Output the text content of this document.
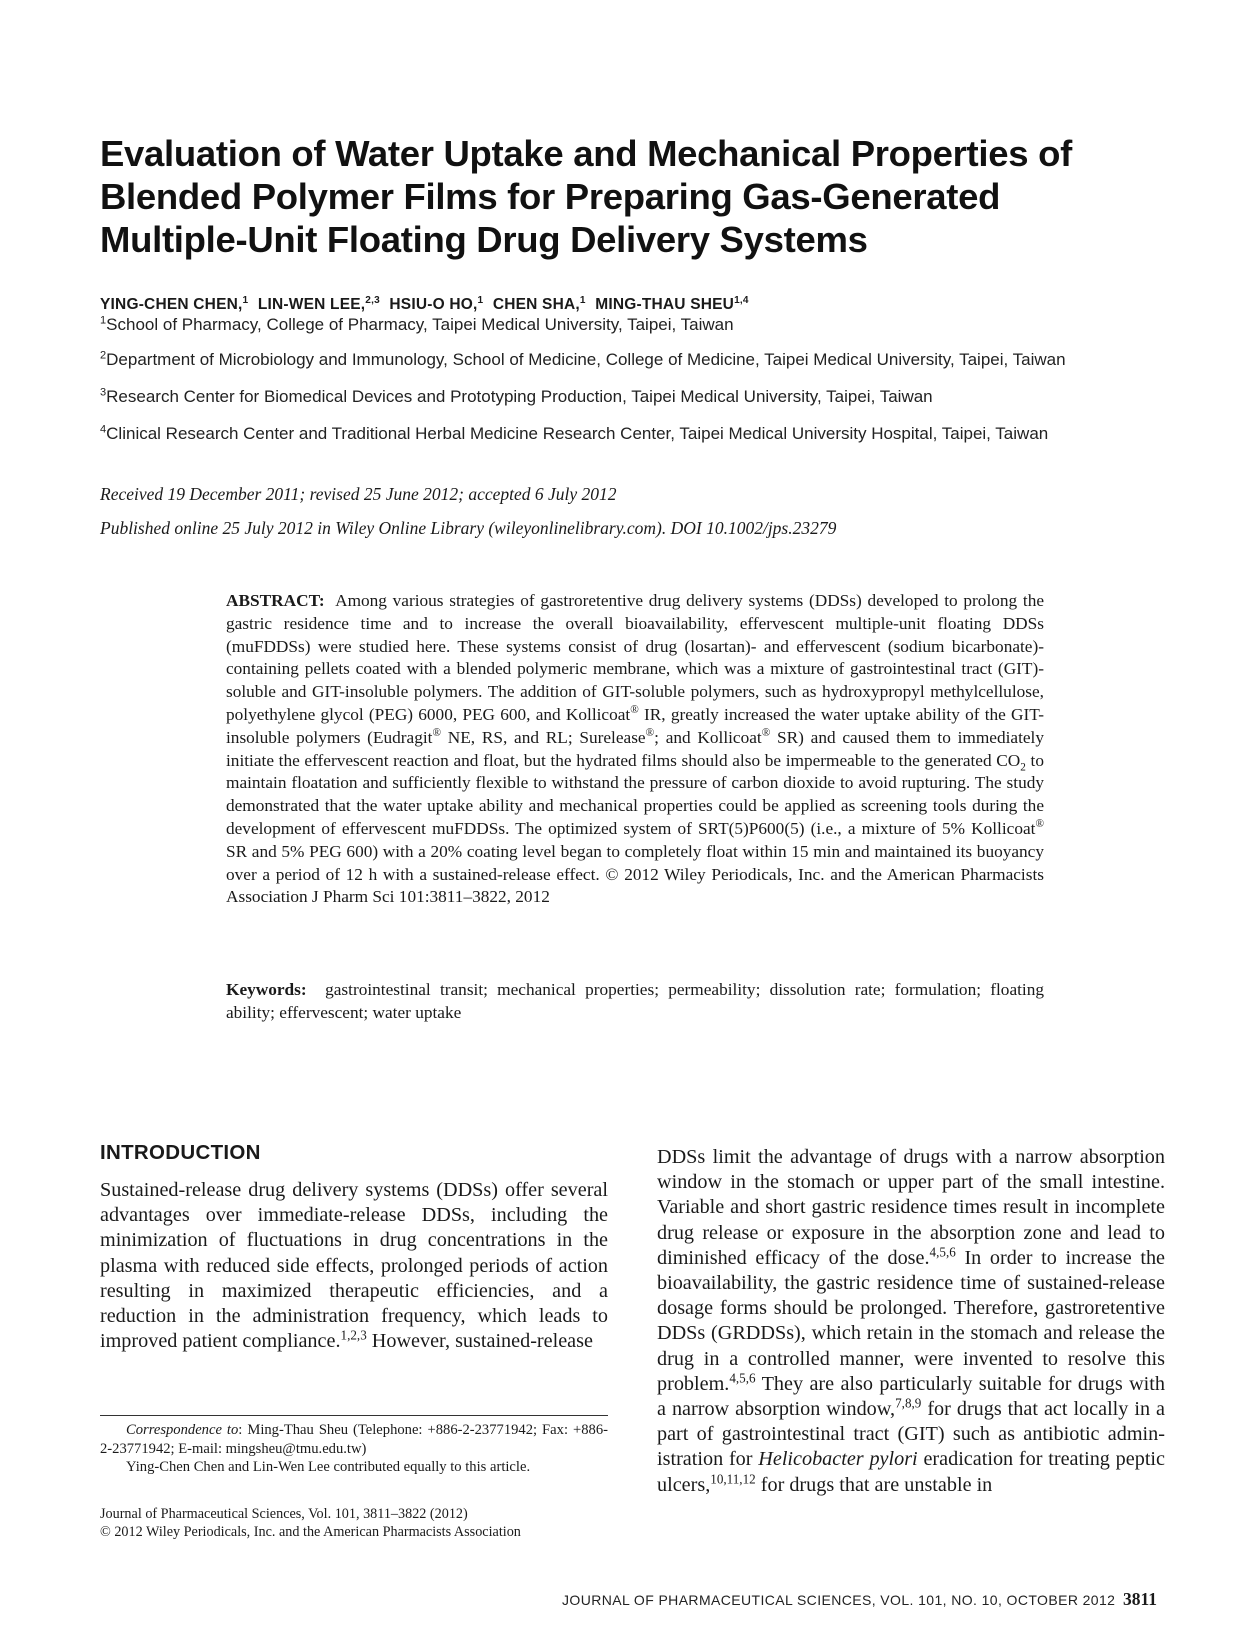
Evaluation of Water Uptake and Mechanical Properties of
Blended Polymer Films for Preparing Gas-Generated
Multiple-Unit Floating Drug Delivery Systems
YING-CHEN CHEN,$^1$ LIN-WEN LEE,$^{2,3}$ HSIU-O HO,$^1$ CHEN SHA,$^1$ MING-THAU SHEU$^{1,4}$
$^1$School of Pharmacy, College of Pharmacy, Taipei Medical University, Taipei, Taiwan
$^2$Department of Microbiology and Immunology, School of Medicine, College of Medicine, Taipei Medical University, Taipei, Taiwan
$^3$Research Center for Biomedical Devices and Prototyping Production, Taipei Medical University, Taipei, Taiwan
$^4$Clinical Research Center and Traditional Herbal Medicine Research Center, Taipei Medical University Hospital, Taipei, Taiwan
Received 19 December 2011; revised 25 June 2012; accepted 6 July 2012
Published online 25 July 2012 in Wiley Online Library (wileyonlinelibrary.com). DOI 10.1002/jps.23279
ABSTRACT: Among various strategies of gastroretentive drug delivery systems (DDSs) developed to prolong the gastric residence time and to increase the overall bioavailability, effervescent multiple-unit floating DDSs (muFDDSs) were studied here. These systems consist of drug (losartan)- and effervescent (sodium bicarbonate)-containing pellets coated with a blended polymeric membrane, which was a mixture of gastrointestinal tract (GIT)-soluble and GIT-insoluble polymers. The addition of GIT-soluble polymers, such as hydroxypropyl methylcellulose, polyethylene glycol (PEG) 6000, PEG 600, and Kollicoat® IR, greatly increased the water uptake ability of the GIT-insoluble polymers (Eudragit® NE, RS, and RL; Surelease®; and Kollicoat® SR) and caused them to immediately initiate the effervescent reaction and float, but the hydrated films should also be impermeable to the generated $CO_2$ to maintain floatation and sufficiently flexible to withstand the pressure of carbon dioxide to avoid rupturing. The study demonstrated that the water uptake ability and mechanical properties could be applied as screening tools during the development of effervescent muFDDSs. The optimized system of SRT(5)P600(5) (i.e., a mixture of 5% Kollicoat® SR and 5% PEG 600) with a 20% coating level began to completely float within 15 min and maintained its buoyancy over a period of 12 h with a sustained-release effect. © 2012 Wiley Periodicals, Inc. and the American Pharmacists Association J Pharm Sci 101:3811–3822, 2012
Keywords: gastrointestinal transit; mechanical properties; permeability; dissolution rate; formulation; floating ability; effervescent; water uptake
INTRODUCTION
Sustained-release drug delivery systems (DDSs) offer several advantages over immediate-release DDSs, including the minimization of fluctuations in drug concentrations in the plasma with reduced side effects, prolonged periods of action resulting in maximized therapeutic efficiencies, and a reduction in the administration frequency, which leads to improved patient compliance.$^{1,2,3}$ However, sustained-release
DDSs limit the advantage of drugs with a narrow absorption window in the stomach or upper part of the small intestine. Variable and short gastric residence times result in incomplete drug release or exposure in the absorption zone and lead to diminished efficacy of the dose.$^{4,5,6}$ In order to increase the bioavailability, the gastric residence time of sustained-release dosage forms should be prolonged. Therefore, gastroretentive DDSs (GRDDSs), which retain in the stomach and release the drug in a controlled manner, were invented to resolve this problem.$^{4,5,6}$ They are also particularly suitable for drugs with a narrow absorption window,$^{7,8,9}$ for drugs that act locally in a part of gastrointestinal tract (GIT) such as antibiotic administration for Helicobacter pylori eradication for treating peptic ulcers,$^{10,11,12}$ for drugs that are unstable in

Correspondence to: Ming-Thau Sheu (Telephone: +886-2-23771942; Fax: +886-2-23771942; E-mail: mingsheu@tmu.edu.tw)

Ying-Chen Chen and Lin-Wen Lee contributed equally to this article.

Journal of Pharmaceutical Sciences, Vol. 101, 3811–3822 (2012)
© 2012 Wiley Periodicals, Inc. and the American Pharmacists Association
JOURNAL OF PHARMACEUTICAL SCIENCES, VOL. 101, NO. 10, OCTOBER 2012 3811
